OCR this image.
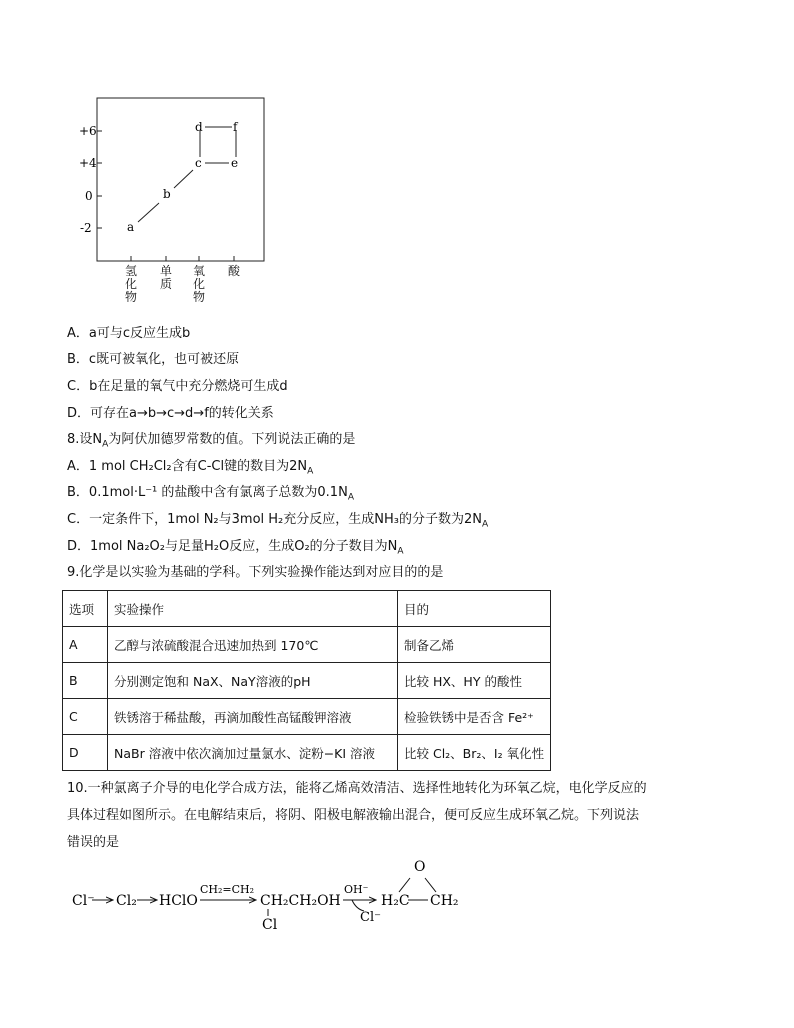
+6
+4
0
-2	a
b
c
d
e
f
氢化物
单质
氧化物
酸
A．a可与c反应生成b
B．c既可被氧化，也可被还原
C．b在足量的氧气中充分燃烧可生成d
D．可存在a→b→c→d→f的转化关系
8.设$N_A$为阿伏加德罗常数的值。下列说法正确的是
A．1 mol CH₂Cl₂含有C-Cl键的数目为$2N_A$
B．0.1mol·L⁻¹ 的盐酸中含有氯离子总数为$0.1N_A$
C．一定条件下，1mol N₂与3mol H₂充分反应，生成NH₃的分子数为$2N_A$
D．1mol Na₂O₂与足量H₂O反应，生成O₂的分子数目为$N_A$
9.化学是以实验为基础的学科。下列实验操作能达到对应目的的是
选项	实验操作	目的
A	乙醇与浓硫酸混合迅速加热到 170℃	制备乙烯
B	分别测定饱和 NaX、NaY溶液的pH	比较 HX、HY 的酸性
C	铁锈溶于稀盐酸，再滴加酸性高锰酸钾溶液	检验铁锈中是否含 Fe²⁺
D	NaBr 溶液中依次滴加过量氯水、淀粉−KI 溶液	比较 Cl₂、Br₂、I₂ 氧化性
10.一种氯离子介导的电化学合成方法，能将乙烯高效清洁、选择性地转化为环氧乙烷，电化学反应的
具体过程如图所示。在电解结束后，将阴、阳极电解液输出混合，便可反应生成环氧乙烷。下列说法
错误的是
Cl⁻ Cl₂ HClO
CH₂=CH₂
CH₂CH₂OH
Cl
OH⁻
Cl⁻
O
H₂C CH₂
